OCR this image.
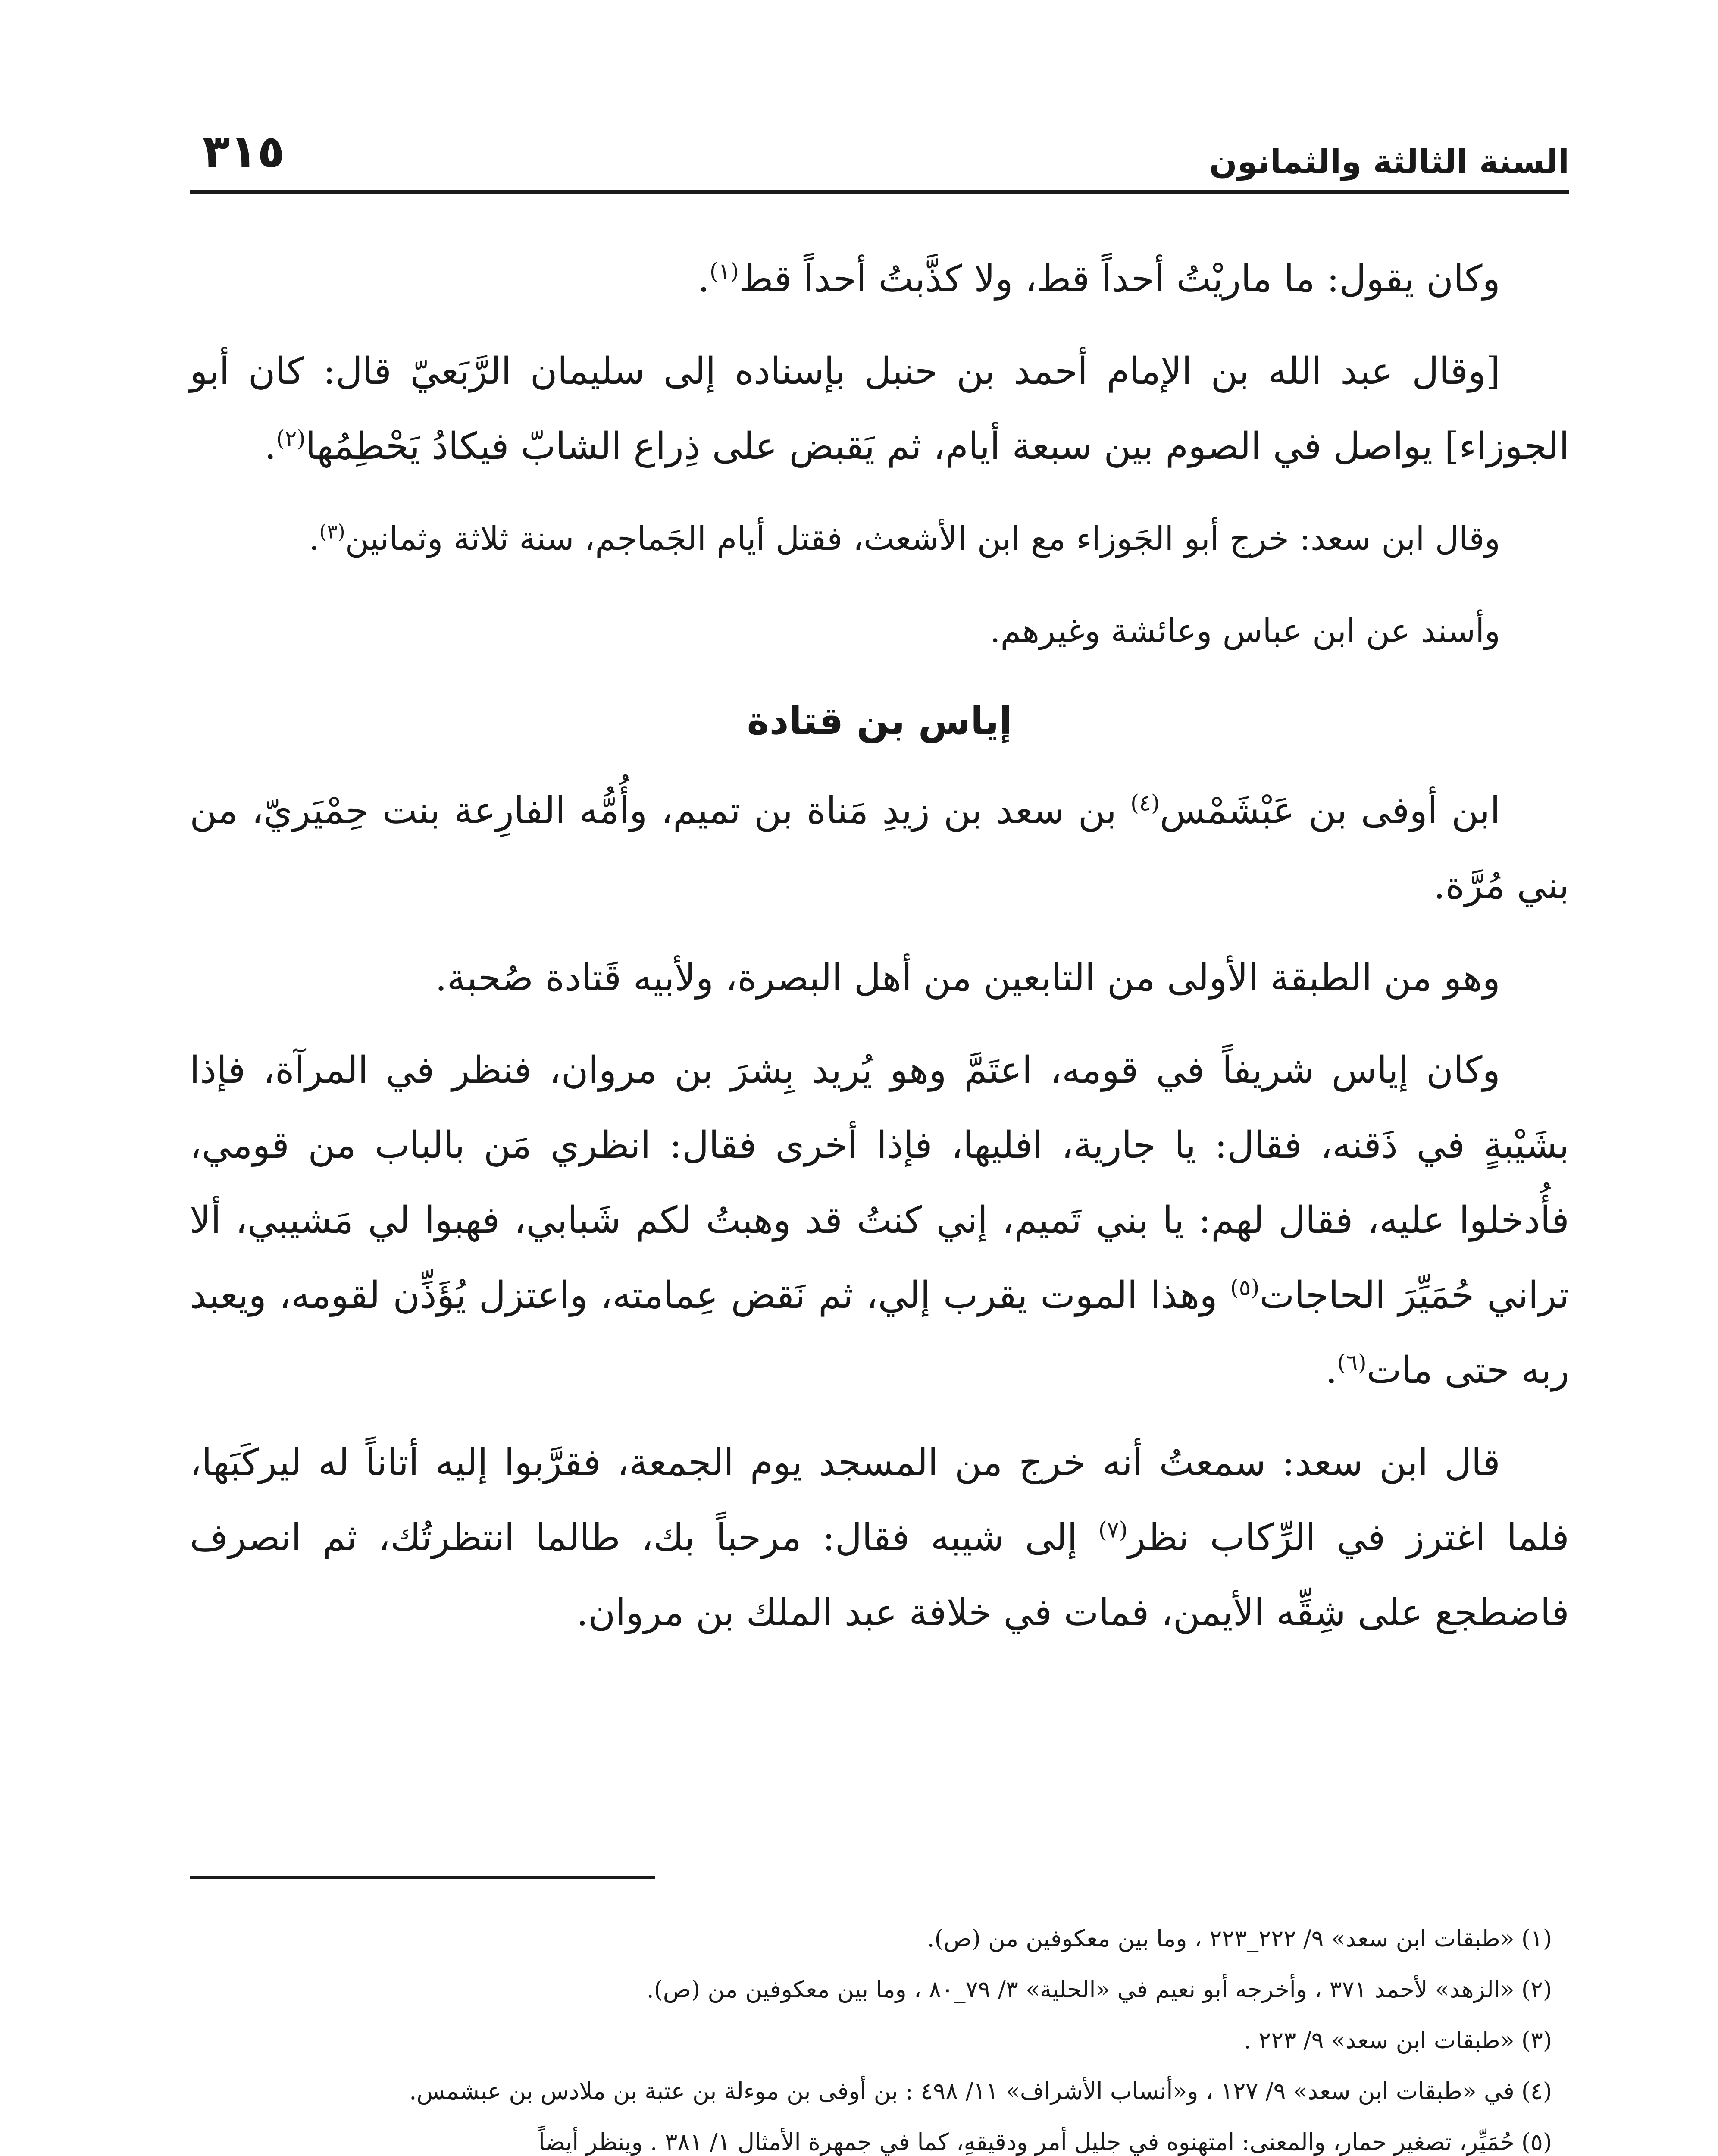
السنة الثالثة والثمانون
٣١٥

وكان يقول: ما ماريْتُ أحداً قط، ولا كذَّبتُ أحداً قط$^{(١)}$.

[وقال عبد الله بن الإمام أحمد بن حنبل بإسناده إلى سليمان الرَّبَعيّ قال: كان أبو الجوزاء] يواصل في الصوم بين سبعة أيام، ثم يَقبض على ذِراع الشابّ فيكادُ يَحْطِمُها$^{(٢)}$.

وقال ابن سعد: خرج أبو الجَوزاء مع ابن الأشعث، فقتل أيام الجَماجم، سنة ثلاثة وثمانين$^{(٣)}$.

وأسند عن ابن عباس وعائشة وغيرهم.

إياس بن قتادة

ابن أوفى بن عَبْشَمْس$^{(٤)}$ بن سعد بن زيدِ مَناة بن تميم، وأُمُّه الفارِعة بنت حِمْيَريّ، من بني مُرَّة.

وهو من الطبقة الأولى من التابعين من أهل البصرة، ولأبيه قَتادة صُحبة.

وكان إياس شريفاً في قومه، اعتَمَّ وهو يُريد بِشرَ بن مروان، فنظر في المرآة، فإذا بشَيْبةٍ في ذَقنه، فقال: يا جارية، افليها، فإذا أخرى فقال: انظري مَن بالباب من قومي، فأُدخلوا عليه، فقال لهم: يا بني تَميم، إني كنتُ قد وهبتُ لكم شَبابي، فهبوا لي مَشيبي، ألا تراني حُمَيِّرَ الحاجات$^{(٥)}$ وهذا الموت يقرب إلي، ثم نَقض عِمامته، واعتزل يُؤَذِّن لقومه، ويعبد ربه حتى مات$^{(٦)}$.

قال ابن سعد: سمعتُ أنه خرج من المسجد يوم الجمعة، فقرَّبوا إليه أتاناً له ليركَبَها، فلما اغترز في الرِّكاب نظر$^{(٧)}$ إلى شيبه فقال: مرحباً بك، طالما انتظرتُك، ثم انصرف فاضطجع على شِقِّه الأيمن، فمات في خلافة عبد الملك بن مروان.

(١)«طبقات ابن سعد» ٩/ ٢٢٢_٢٢٣ ، وما بين معكوفين من (ص).

(٢)«الزهد» لأحمد ٣٧١ ، وأخرجه أبو نعيم في «الحلية» ٣/ ٧٩_٨٠ ، وما بين معكوفين من (ص).

(٣)«طبقات ابن سعد» ٩/ ٢٢٣ .

(٤)في «طبقات ابن سعد» ٩/ ١٢٧ ، و«أنساب الأشراف» ١١/ ٤٩٨ : بن أوفى بن موءلة بن عتبة بن ملادس بن عبشمس.

(٥)حُمَيِّر، تصغير حمار، والمعنى: امتهنوه في جليل أمرٍ ودقيقهِ، كما في جمهرة الأمثال ١/ ٣٨١ . وينظر أيضاً
